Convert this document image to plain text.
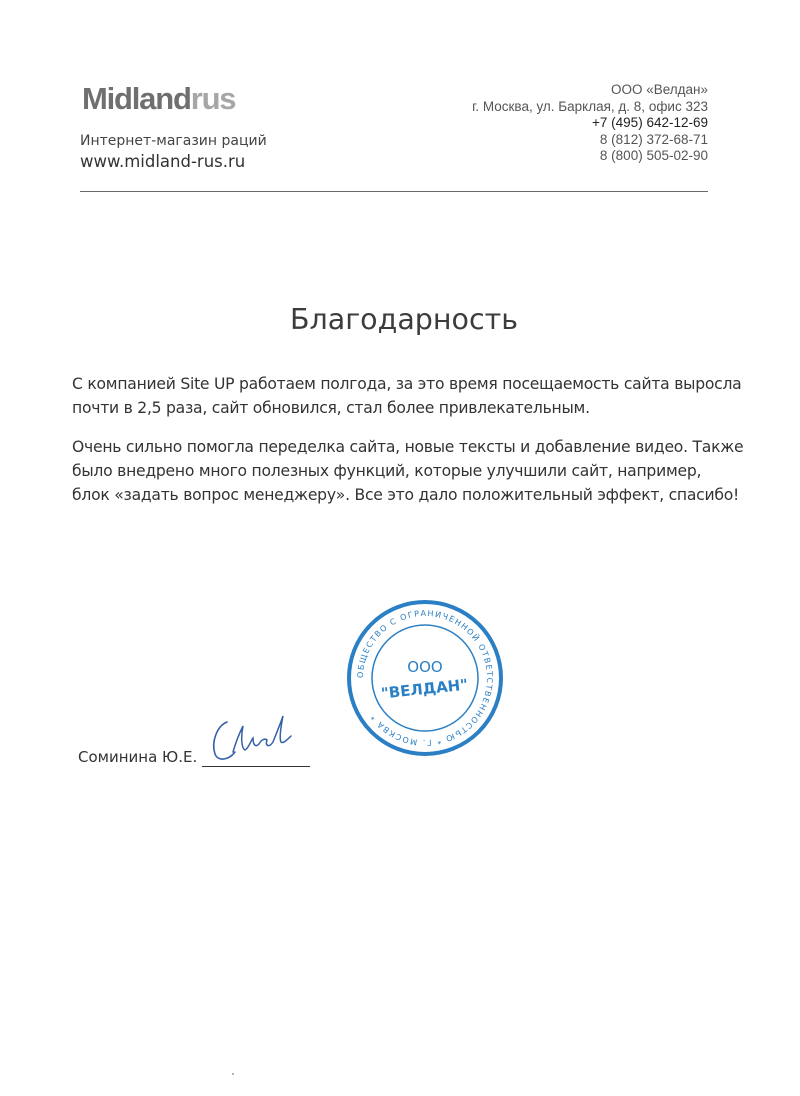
Midlandrus
Интернет-магазин раций
www.midland-rus.ru
ООО «Велдан»
г. Москва, ул. Барклая, д. 8, офис 323
+7 (495) 642-12-69
8 (812) 372-68-71
8 (800) 505-02-90
Благодарность
С компанией Site UP работаем полгода, за это время посещаемость сайта выросла
почти в 2,5 раза, сайт обновился, стал более привлекательным.
Очень сильно помогла переделка сайта, новые тексты и добавление видео. Также
было внедрено много полезных функций, которые улучшили сайт, например,
блок «задать вопрос менеджеру». Все это дало положительный эффект, спасибо!
Соминина Ю.Е.
ОБЩЕСТВО С ОГРАНИЧЕННОЙ ОТВЕТСТВЕННОСТЬЮ * Г. МОСКВА *
ООО
"ВЕЛДАН"
